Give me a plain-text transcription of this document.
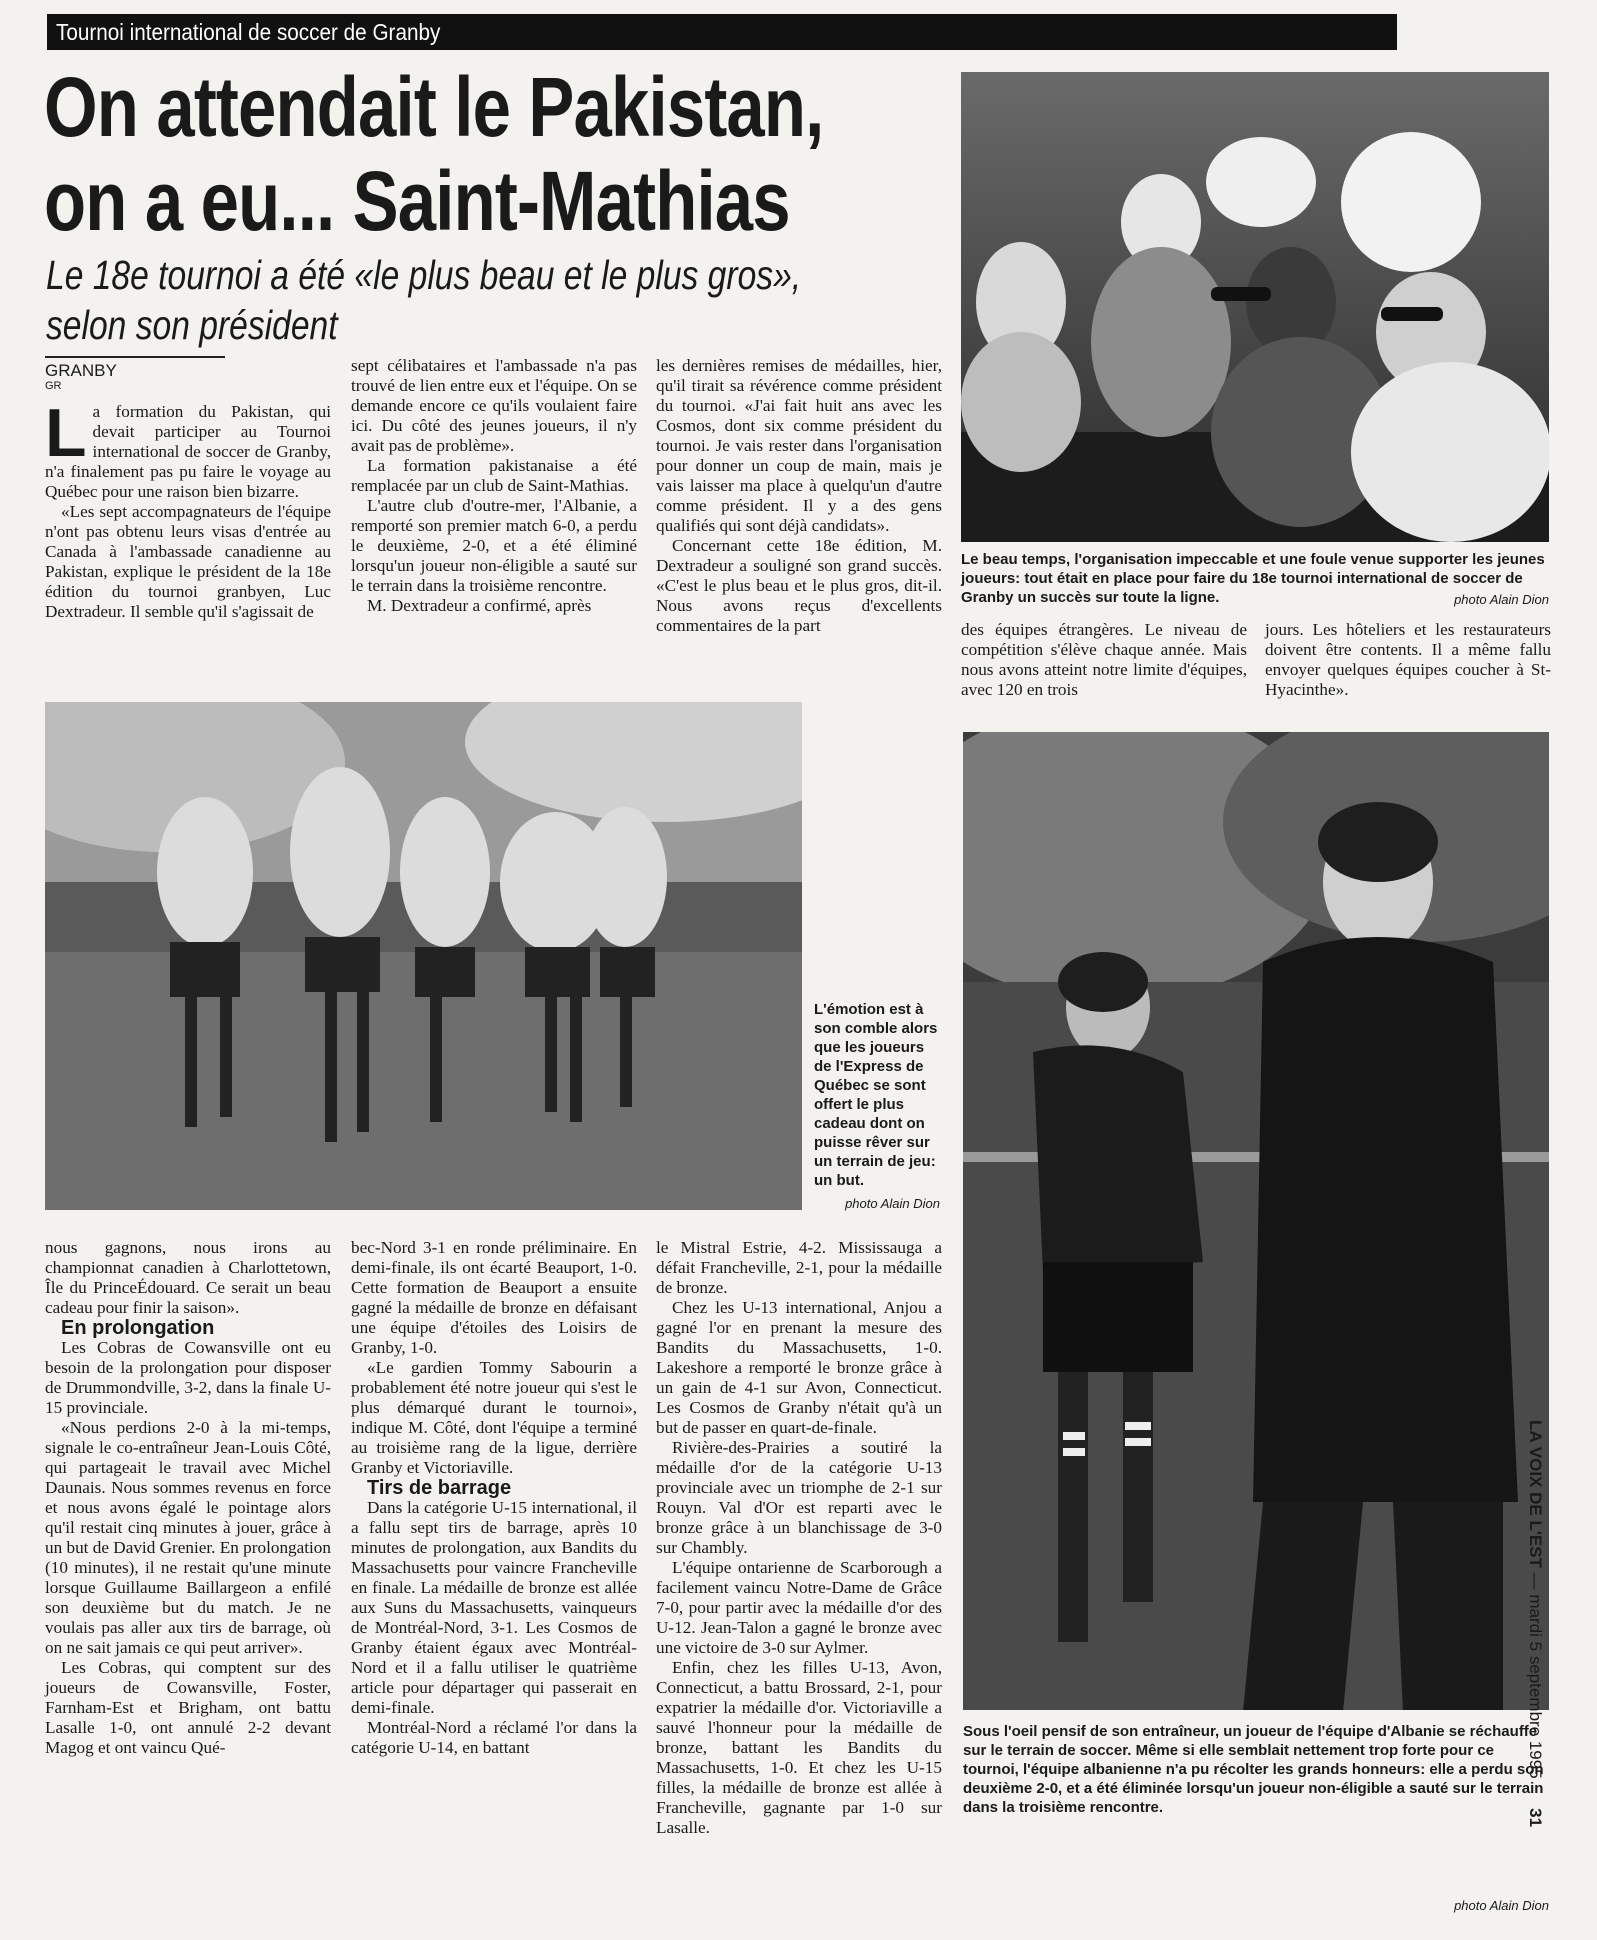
Tournoi international de soccer de Granby
On attendait le Pakistan,
on a eu... Saint-Mathias
Le 18e tournoi a été «le plus beau et le plus gros»,
selon son président
GRANBY
GR

La formation du Pakistan, qui devait participer au Tournoi international de soccer de Granby, n'a finalement pas pu faire le voyage au Québec pour une raison bien bizarre.

«Les sept accompagnateurs de l'équipe n'ont pas obtenu leurs visas d'entrée au Canada à l'ambassade canadienne au Pakistan, explique le président de la 18e édition du tournoi granbyen, Luc Dextradeur. Il semble qu'il s'agissait de

sept célibataires et l'ambassade n'a pas trouvé de lien entre eux et l'équipe. On se demande encore ce qu'ils voulaient faire ici. Du côté des jeunes joueurs, il n'y avait pas de problème».

La formation pakistanaise a été remplacée par un club de Saint-Mathias.

L'autre club d'outre-mer, l'Albanie, a remporté son premier match 6-0, a perdu le deuxième, 2-0, et a été éliminé lorsqu'un joueur non-éligible a sauté sur le terrain dans la troisième rencontre.

M. Dextradeur a confirmé, après

les dernières remises de médailles, hier, qu'il tirait sa révérence comme président du tournoi. «J'ai fait huit ans avec les Cosmos, dont six comme président du tournoi. Je vais rester dans l'organisation pour donner un coup de main, mais je vais laisser ma place à quelqu'un d'autre comme président. Il y a des gens qualifiés qui sont déjà candidats».

Concernant cette 18e édition, M. Dextradeur a souligné son grand succès. «C'est le plus beau et le plus gros, dit-il. Nous avons reçus d'excellents commentaires de la part	des équipes étrangères. Le niveau de compétition s'élève chaque année. Mais nous avons atteint notre limite d'équipes, avec 120 en trois

jours. Les hôteliers et les restaurateurs doivent être contents. Il a même fallu envoyer quelques équipes coucher à St-Hyacinthe».

Le beau temps, l'organisation impeccable et une foule venue supporter les jeunes joueurs: tout était en place pour faire du 18e tournoi international de soccer de Granby un succès sur toute la ligne.	photo Alain Dion
L'émotion est à son comble alors que les joueurs de l'Express de Québec se sont offert le plus cadeau dont on puisse rêver sur un terrain de jeu: un but.
photo Alain Dion
Sous l'oeil pensif de son entraîneur, un joueur de l'équipe d'Albanie se réchauffe sur le terrain de soccer. Même si elle semblait nettement trop forte pour ce tournoi, l'équipe albanienne n'a pu récolter les grands honneurs: elle a perdu son deuxième 2-0, et a été éliminée lorsqu'un joueur non-éligible a sauté sur le terrain dans la troisième rencontre.
photo Alain Dion

nous gagnons, nous irons au championnat canadien à Charlottetown, Île du PrinceÉdouard. Ce serait un beau cadeau pour finir la saison».

En prolongation

Les Cobras de Cowansville ont eu besoin de la prolongation pour disposer de Drummondville, 3-2, dans la finale U-15 provinciale.

«Nous perdions 2-0 à la mi-temps, signale le co-entraîneur Jean-Louis Côté, qui partageait le travail avec Michel Daunais. Nous sommes revenus en force et nous avons égalé le pointage alors qu'il restait cinq minutes à jouer, grâce à un but de David Grenier. En prolongation (10 minutes), il ne restait qu'une minute lorsque Guillaume Baillargeon a enfilé son deuxième but du match. Je ne voulais pas aller aux tirs de barrage, où on ne sait jamais ce qui peut arriver».

Les Cobras, qui comptent sur des joueurs de Cowansville, Foster, Farnham-Est et Brigham, ont battu Lasalle 1-0, ont annulé 2-2 devant Magog et ont vaincu Qué-

bec-Nord 3-1 en ronde préliminaire. En demi-finale, ils ont écarté Beauport, 1-0. Cette formation de Beauport a ensuite gagné la médaille de bronze en défaisant une équipe d'étoiles des Loisirs de Granby, 1-0.

«Le gardien Tommy Sabourin a probablement été notre joueur qui s'est le plus démarqué durant le tournoi», indique M. Côté, dont l'équipe a terminé au troisième rang de la ligue, derrière Granby et Victoriaville.

Tirs de barrage

Dans la catégorie U-15 international, il a fallu sept tirs de barrage, après 10 minutes de prolongation, aux Bandits du Massachusetts pour vaincre Francheville en finale. La médaille de bronze est allée aux Suns du Massachusetts, vainqueurs de Montréal-Nord, 3-1. Les Cosmos de Granby étaient égaux avec Montréal-Nord et il a fallu utiliser le quatrième article pour départager qui passerait en demi-finale.

Montréal-Nord a réclamé l'or dans la catégorie U-14, en battant

le Mistral Estrie, 4-2. Mississauga a défait Francheville, 2-1, pour la médaille de bronze.

Chez les U-13 international, Anjou a gagné l'or en prenant la mesure des Bandits du Massachusetts, 1-0. Lakeshore a remporté le bronze grâce à un gain de 4-1 sur Avon, Connecticut. Les Cosmos de Granby n'était qu'à un but de passer en quart-de-finale.

Rivière-des-Prairies a soutiré la médaille d'or de la catégorie U-13 provinciale avec un triomphe de 2-1 sur Rouyn. Val d'Or est reparti avec le bronze grâce à un blanchissage de 3-0 sur Chambly.

L'équipe ontarienne de Scarborough a facilement vaincu Notre-Dame de Grâce 7-0, pour partir avec la médaille d'or des U-12. Jean-Talon a gagné le bronze avec une victoire de 3-0 sur Aylmer.

Enfin, chez les filles U-13, Avon, Connecticut, a battu Brossard, 2-1, pour expatrier la médaille d'or. Victoriaville a sauvé l'honneur pour la médaille de bronze, battant les Bandits du Massachusetts, 1-0. Et chez les U-15 filles, la médaille de bronze est allée à Francheville, gagnante par 1-0 sur Lasalle.

LA VOIX DE L'EST — mardi 5 septembre 1995  31
